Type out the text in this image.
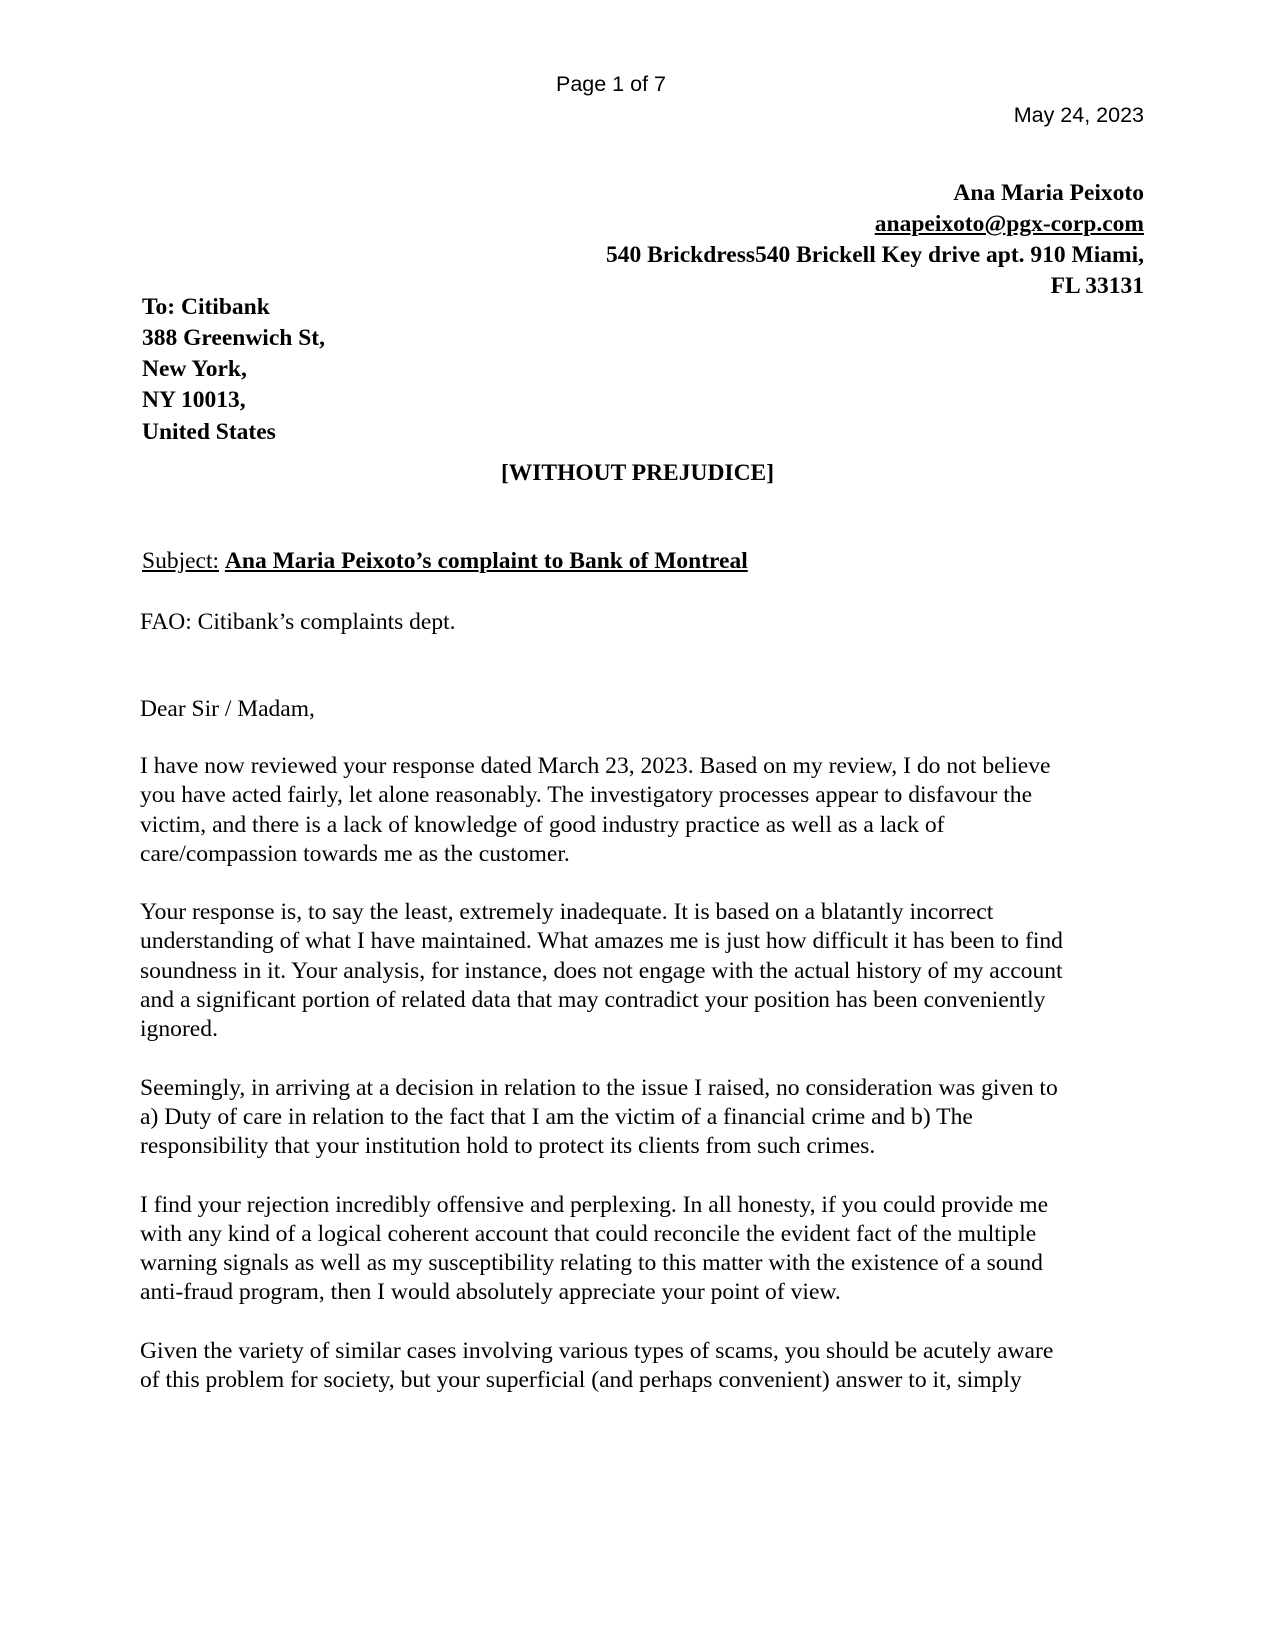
Page 1 of 7
May 24, 2023
Ana Maria Peixoto
anapeixoto@pgx-corp.com
540 Brickdress540 Brickell Key drive apt. 910 Miami,
FL 33131
To: Citibank
388 Greenwich St,
New York,
NY 10013,
United States
[WITHOUT PREJUDICE]
Subject: Ana Maria Peixoto’s complaint to Bank of Montreal
FAO: Citibank’s complaints dept.
Dear Sir / Madam,

I have now reviewed your response dated March 23, 2023. Based on my review, I do not believe you have acted fairly, let alone reasonably. The investigatory processes appear to disfavour the victim, and there is a lack of knowledge of good industry practice as well as a lack of care/compassion towards me as the customer.

Your response is, to say the least, extremely inadequate. It is based on a blatantly incorrect understanding of what I have maintained. What amazes me is just how difficult it has been to find soundness in it. Your analysis, for instance, does not engage with the actual history of my account and a significant portion of related data that may contradict your position has been conveniently ignored.

Seemingly, in arriving at a decision in relation to the issue I raised, no consideration was given to a) Duty of care in relation to the fact that I am the victim of a financial crime and b) The responsibility that your institution hold to protect its clients from such crimes.

I find your rejection incredibly offensive and perplexing. In all honesty, if you could provide me with any kind of a logical coherent account that could reconcile the evident fact of the multiple warning signals as well as my susceptibility relating to this matter with the existence of a sound anti-fraud program, then I would absolutely appreciate your point of view.

Given the variety of similar cases involving various types of scams, you should be acutely aware of this problem for society, but your superficial (and perhaps convenient) answer to it, simply
